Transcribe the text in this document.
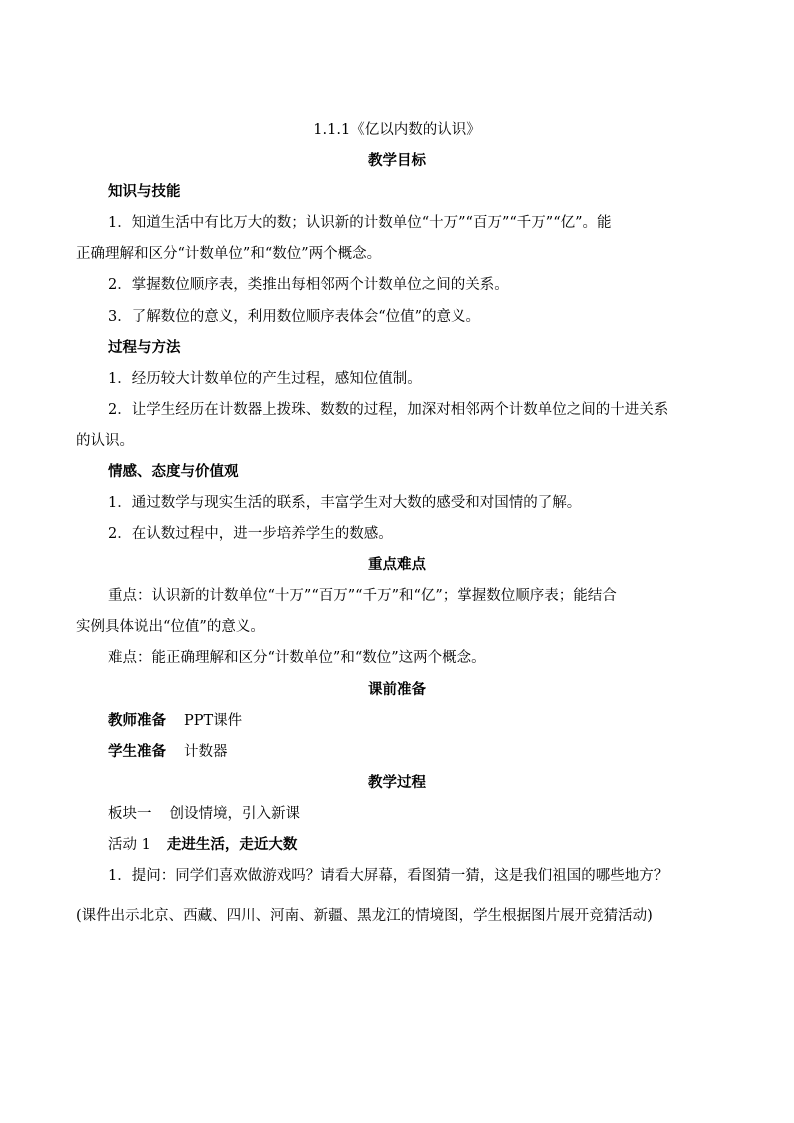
1.1.1《亿以内数的认识》
教学目标
知识与技能
1．知道生活中有比万大的数；认识新的计数单位“十万”“百万”“千万”“亿”。能
正确理解和区分“计数单位”和“数位”两个概念。
2．掌握数位顺序表，类推出每相邻两个计数单位之间的关系。
3．了解数位的意义，利用数位顺序表体会“位值”的意义。
过程与方法
1．经历较大计数单位的产生过程，感知位值制。
2．让学生经历在计数器上拨珠、数数的过程，加深对相邻两个计数单位之间的十进关系
的认识。
情感、态度与价值观
1．通过数学与现实生活的联系，丰富学生对大数的感受和对国情的了解。
2．在认数过程中，进一步培养学生的数感。
重点难点
重点：认识新的计数单位“十万”“百万”“千万”和“亿”；掌握数位顺序表；能结合
实例具体说出“位值”的意义。
难点：能正确理解和区分“计数单位”和“数位”这两个概念。
课前准备
教师准备 PPT课件
学生准备 计数器
教学过程
板块一 创设情境，引入新课
活动 1 走进生活，走近大数
1．提问：同学们喜欢做游戏吗？请看大屏幕，看图猜一猜，这是我们祖国的哪些地方？
(课件出示北京、西藏、四川、河南、新疆、黑龙江的情境图，学生根据图片展开竞猜活动)
